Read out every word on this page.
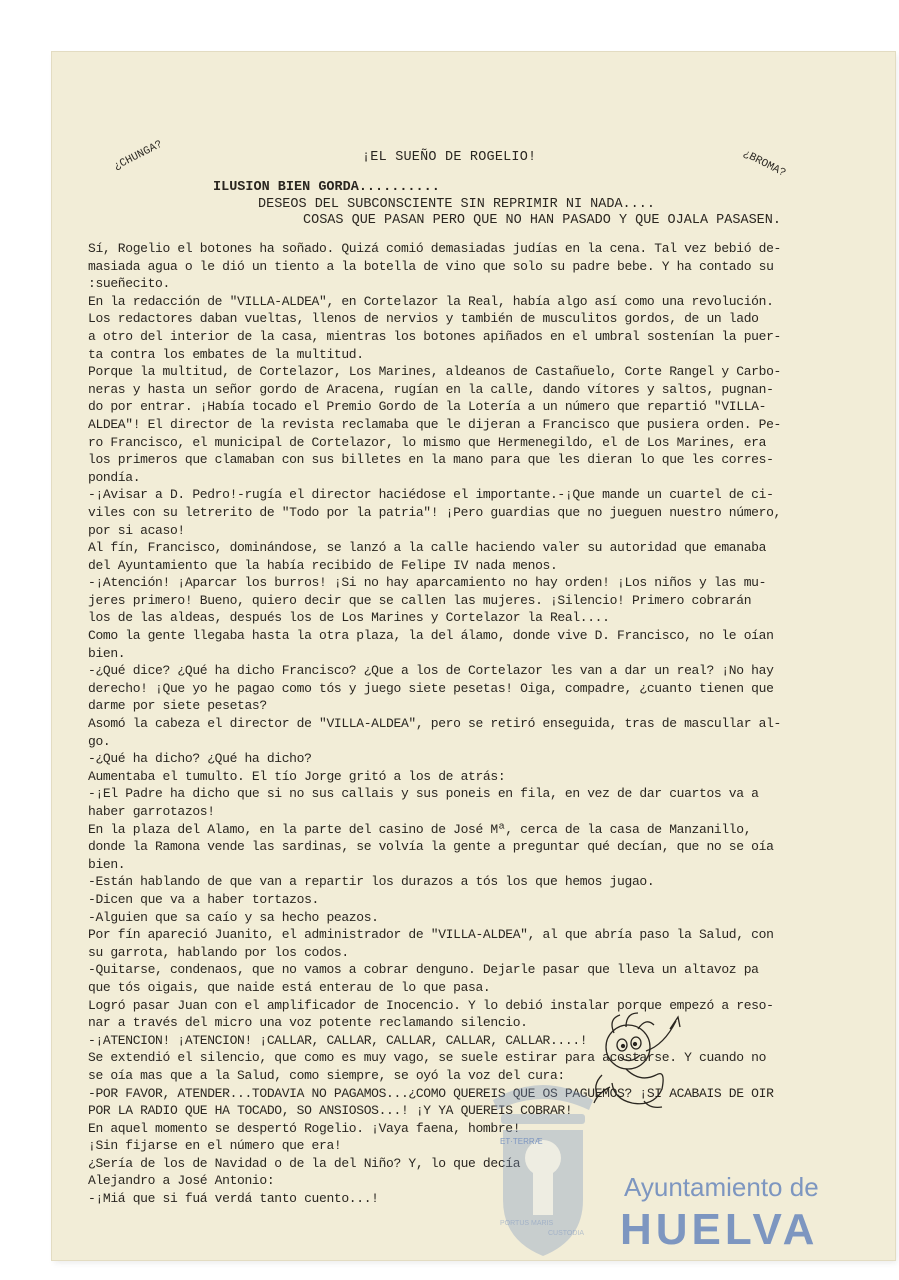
¿CHUNGA?	¿BROMA?
¡EL SUEÑO DE ROGELIO!
ILUSION BIEN GORDA..........
DESEOS DEL SUBCONSCIENTE SIN REPRIMIR NI NADA....
COSAS QUE PASAN PERO QUE NO HAN PASADO Y QUE OJALA PASASEN.
Sí, Rogelio el botones ha soñado. Quizá comió demasiadas judías en la cena. Tal vez bebió de-
masiada agua o le dió un tiento a la botella de vino que solo su padre bebe. Y ha contado su
:sueñecito.
En la redacción de "VILLA-ALDEA", en Cortelazor la Real, había algo así como una revolución.
Los redactores daban vueltas, llenos de nervios y también de musculitos gordos, de un lado
a otro del interior de la casa, mientras los botones apiñados en el umbral sostenían la puer-
ta contra los embates de la multitud.
Porque la multitud, de Cortelazor, Los Marines, aldeanos de Castañuelo, Corte Rangel y Carbo-
neras y hasta un señor gordo de Aracena, rugían en la calle, dando vítores y saltos, pugnan-
do por entrar. ¡Había tocado el Premio Gordo de la Lotería a un número que repartió "VILLA-
ALDEA"! El director de la revista reclamaba que le dijeran a Francisco que pusiera orden. Pe-
ro Francisco, el municipal de Cortelazor, lo mismo que Hermenegildo, el de Los Marines, era
los primeros que clamaban con sus billetes en la mano para que les dieran lo que les corres-
pondía.
-¡Avisar a D. Pedro!-rugía el director haciédose el importante.-¡Que mande un cuartel de ci-
viles con su letrerito de "Todo por la patria"! ¡Pero guardias que no jueguen nuestro número,
por si acaso!
Al fín, Francisco, dominándose, se lanzó a la calle haciendo valer su autoridad que emanaba
del Ayuntamiento que la había recibido de Felipe IV nada menos.
-¡Atención! ¡Aparcar los burros! ¡Si no hay aparcamiento no hay orden! ¡Los niños y las mu-
jeres primero! Bueno, quiero decir que se callen las mujeres. ¡Silencio! Primero cobrarán
los de las aldeas, después los de Los Marines y Cortelazor la Real....
Como la gente llegaba hasta la otra plaza, la del álamo, donde vive D. Francisco, no le oían
bien.
-¿Qué dice? ¿Qué ha dicho Francisco? ¿Que a los de Cortelazor les van a dar un real? ¡No hay
derecho! ¡Que yo he pagao como tós y juego siete pesetas! Oiga, compadre, ¿cuanto tienen que
darme por siete pesetas?
Asomó la cabeza el director de "VILLA-ALDEA", pero se retiró enseguida, tras de mascullar al-
go.
-¿Qué ha dicho? ¿Qué ha dicho?
Aumentaba el tumulto. El tío Jorge gritó a los de atrás:
-¡El Padre ha dicho que si no sus callais y sus poneis en fila, en vez de dar cuartos va a
haber garrotazos!
En la plaza del Alamo, en la parte del casino de José Mª, cerca de la casa de Manzanillo,
donde la Ramona vende las sardinas, se volvía la gente a preguntar qué decían, que no se oía
bien.
-Están hablando de que van a repartir los durazos a tós los que hemos jugao.
-Dicen que va a haber tortazos.
-Alguien que sa caío y sa hecho peazos.
Por fín apareció Juanito, el administrador de "VILLA-ALDEA", al que abría paso la Salud, con
su garrota, hablando por los codos.
-Quitarse, condenaos, que no vamos a cobrar denguno. Dejarle pasar que lleva un altavoz pa
que tós oigais, que naide está enterau de lo que pasa.
Logró pasar Juan con el amplificador de Inocencio. Y lo debió instalar porque empezó a reso-
nar a través del micro una voz potente reclamando silencio.
-¡ATENCION! ¡ATENCION! ¡CALLAR, CALLAR, CALLAR, CALLAR, CALLAR....!
Se extendió el silencio, que como es muy vago, se suele estirar para acostarse. Y cuando no
se oía mas que a la Salud, como siempre, se oyó la voz del cura:
-POR FAVOR, ATENDER...TODAVIA NO PAGAMOS...¿COMO QUEREIS QUE OS PAGUEMOS? ¡SI ACABAIS DE OIR
POR LA RADIO QUE HA TOCADO, SO ANSIOSOS...! ¡Y YA QUEREIS COBRAR!
En aquel momento se despertó Rogelio. ¡Vaya faena, hombre!
¡Sin fijarse en el número que era!
¿Sería de los de Navidad o de la del Niño? Y, lo que decía
Alejandro a José Antonio:
-¡Miá que si fuá verdá tanto cuento...!
ET·TERRÆ
PORTUS MARIS
CUSTODIA
Ayuntamiento de
HUELVA
